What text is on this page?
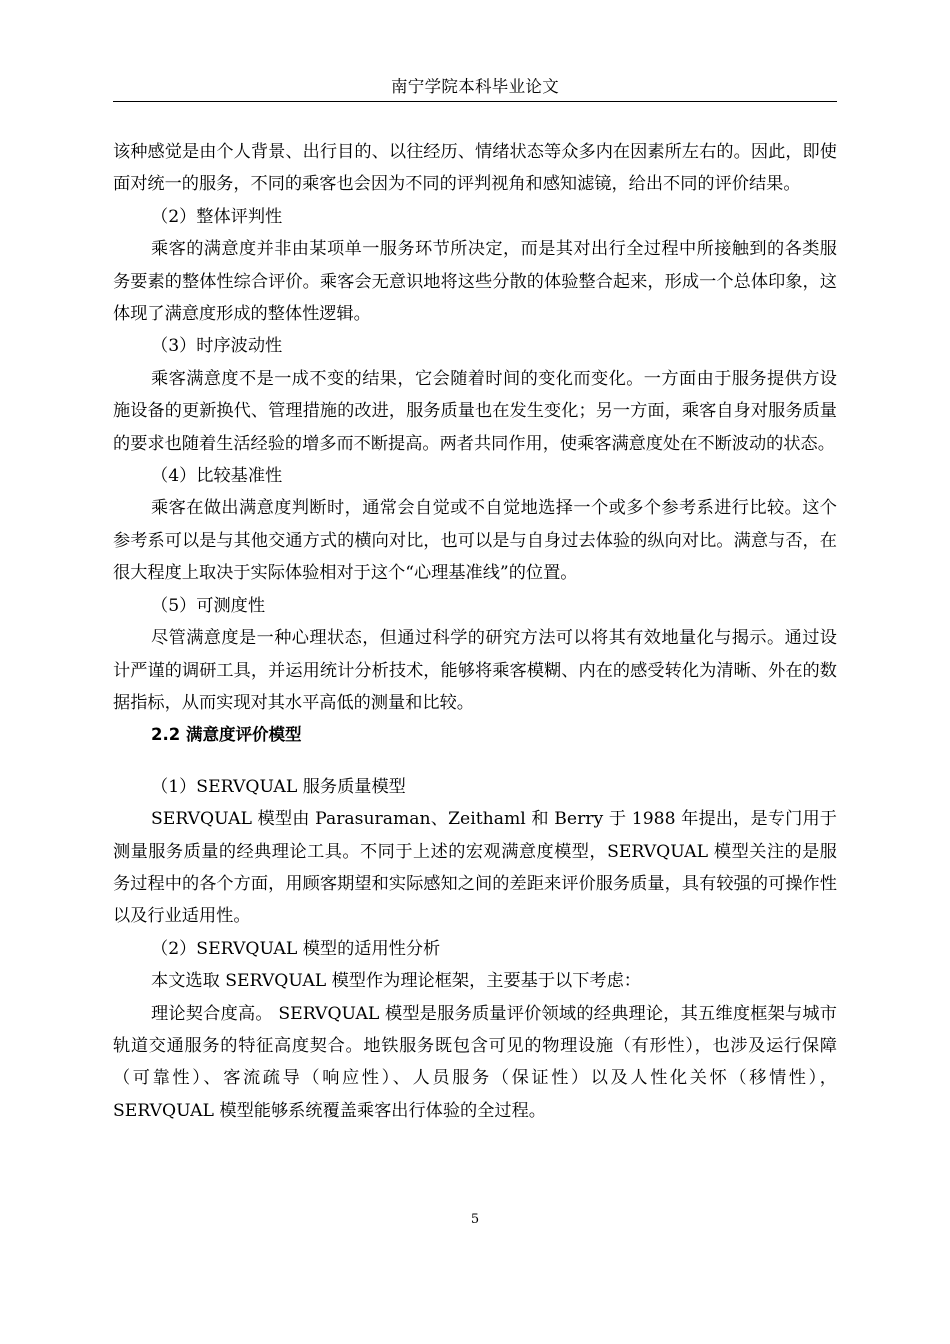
南宁学院本科毕业论文

该种感觉是由个人背景、出行目的、以往经历、情绪状态等众多内在因素所左右的。因此，即使面对统一的服务，不同的乘客也会因为不同的评判视角和感知滤镜，给出不同的评价结果。

（2）整体评判性

乘客的满意度并非由某项单一服务环节所决定，而是其对出行全过程中所接触到的各类服务要素的整体性综合评价。乘客会无意识地将这些分散的体验整合起来，形成一个总体印象，这体现了满意度形成的整体性逻辑。

（3）时序波动性

乘客满意度不是一成不变的结果，它会随着时间的变化而变化。一方面由于服务提供方设施设备的更新换代、管理措施的改进，服务质量也在发生变化；另一方面，乘客自身对服务质量的要求也随着生活经验的增多而不断提高。两者共同作用，使乘客满意度处在不断波动的状态。

（4）比较基准性

乘客在做出满意度判断时，通常会自觉或不自觉地选择一个或多个参考系进行比较。这个参考系可以是与其他交通方式的横向对比，也可以是与自身过去体验的纵向对比。满意与否，在很大程度上取决于实际体验相对于这个“心理基准线”的位置。

（5）可测度性

尽管满意度是一种心理状态，但通过科学的研究方法可以将其有效地量化与揭示。通过设计严谨的调研工具，并运用统计分析技术，能够将乘客模糊、内在的感受转化为清晰、外在的数据指标，从而实现对其水平高低的测量和比较。

2.2 满意度评价模型

（1）SERVQUAL 服务质量模型

SERVQUAL 模型由 Parasuraman、Zeithaml 和 Berry 于 1988 年提出，是专门用于测量服务质量的经典理论工具。不同于上述的宏观满意度模型，SERVQUAL 模型关注的是服务过程中的各个方面，用顾客期望和实际感知之间的差距来评价服务质量，具有较强的可操作性以及行业适用性。

（2）SERVQUAL 模型的适用性分析

本文选取 SERVQUAL 模型作为理论框架，主要基于以下考虑：

理论契合度高。 SERVQUAL 模型是服务质量评价领域的经典理论，其五维度框架与城市轨道交通服务的特征高度契合。地铁服务既包含可见的物理设施（有形性），也涉及运行保障（可靠性）、客流疏导（响应性）、人员服务（保证性）以及人性化关怀（移情性），SERVQUAL 模型能够系统覆盖乘客出行体验的全过程。

5
